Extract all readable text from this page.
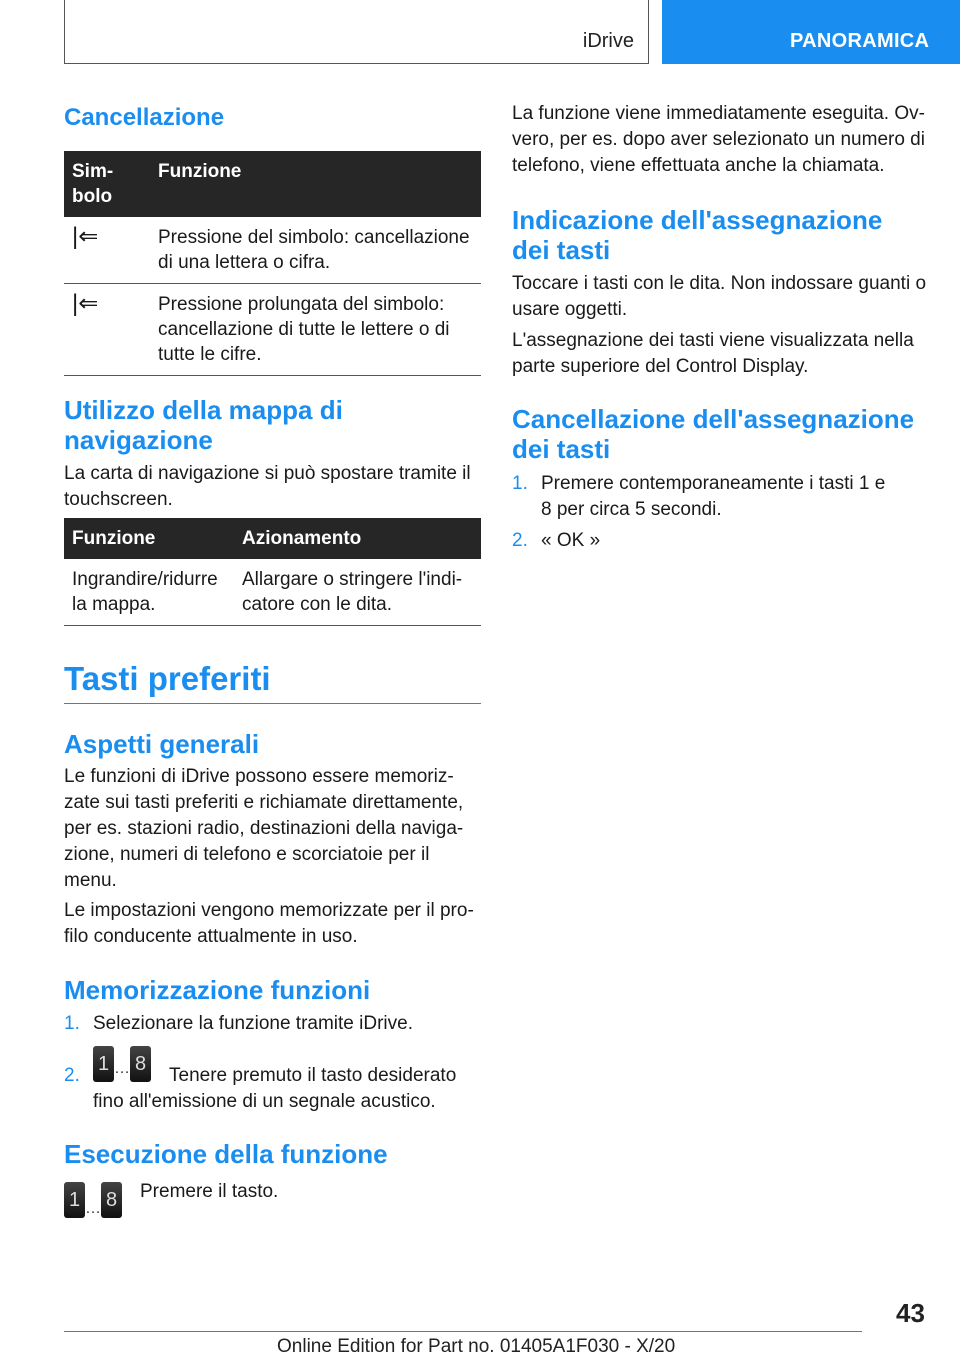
iDrive	PANORAMICA
Cancellazione
Sim-
bolo	Funzione
|⇐	Pressione del simbolo: cancellazione di una lettera o cifra.
|⇐	Pressione prolungata del simbolo: cancellazione di tutte le lettere o di tutte le cifre.
Utilizzo della mappa di navigazione

La carta di navigazione si può spostare tramite il touchscreen.

Funzione	Azionamento
Ingrandire/ridurre la mappa.	Allargare o stringere l'indicatore con le dita.
Tasti preferiti
Aspetti generali

Le funzioni di iDrive possono essere memorizzate sui tasti preferiti e richiamate direttamente, per es. stazioni radio, destinazioni della navigazione, numeri di telefono e scorciatoie per il menu.

Le impostazioni vengono memorizzate per il profilo conducente attualmente in uso.

Memorizzazione funzioni
1. Selezionare la funzione tramite iDrive.
2.
1 … 8
Tenere premuto il tasto desiderato fino all'emissione di un segnale acustico.
Esecuzione della funzione
1 … 8 Premere il tasto.

La funzione viene immediatamente eseguita. Ovvero, per es. dopo aver selezionato un numero di telefono, viene effettuata anche la chiamata.

Indicazione dell'assegnazione dei tasti

Toccare i tasti con le dita. Non indossare guanti o usare oggetti.

L'assegnazione dei tasti viene visualizzata nella parte superiore del Control Display.

Cancellazione dell'assegnazione dei tasti
1. Premere contemporaneamente i tasti 1 e 8 per circa 5 secondi.
2. « OK »
43
Online Edition for Part no. 01405A1F030 - X/20
